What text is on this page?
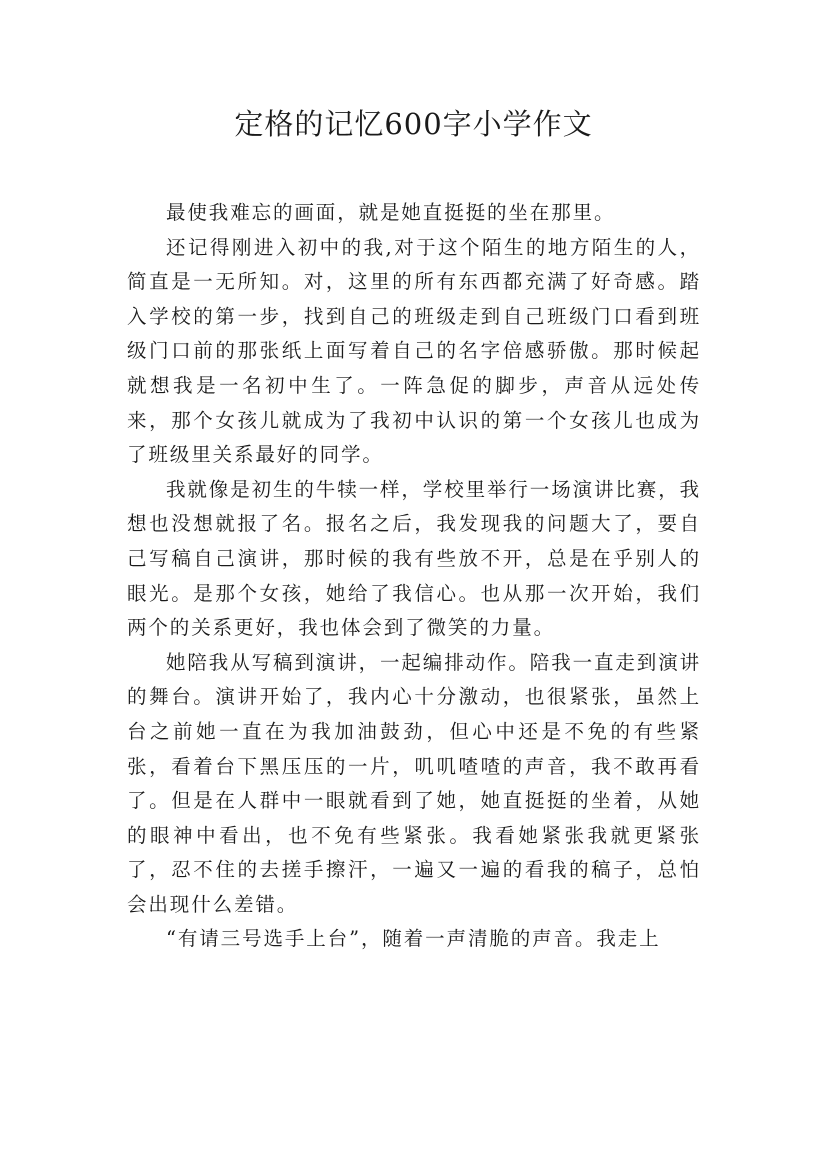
定格的记忆600字小学作文

最使我难忘的画面，就是她直挺挺的坐在那里。

还记得刚进入初中的我,对于这个陌生的地方陌生的人，简直是一无所知。对，这里的所有东西都充满了好奇感。踏入学校的第一步，找到自己的班级走到自己班级门口看到班级门口前的那张纸上面写着自己的名字倍感骄傲。那时候起就想我是一名初中生了。一阵急促的脚步，声音从远处传来，那个女孩儿就成为了我初中认识的第一个女孩儿也成为了班级里关系最好的同学。

我就像是初生的牛犊一样，学校里举行一场演讲比赛，我想也没想就报了名。报名之后，我发现我的问题大了，要自己写稿自己演讲，那时候的我有些放不开，总是在乎别人的眼光。是那个女孩，她给了我信心。也从那一次开始，我们两个的关系更好，我也体会到了微笑的力量。

她陪我从写稿到演讲，一起编排动作。陪我一直走到演讲的舞台。演讲开始了，我内心十分激动，也很紧张，虽然上台之前她一直在为我加油鼓劲，但心中还是不免的有些紧张，看着台下黑压压的一片，叽叽喳喳的声音，我不敢再看了。但是在人群中一眼就看到了她，她直挺挺的坐着，从她的眼神中看出，也不免有些紧张。我看她紧张我就更紧张了，忍不住的去搓手擦汗，一遍又一遍的看我的稿子，总怕会出现什么差错。

“有请三号选手上台”，随着一声清脆的声音。我走上
